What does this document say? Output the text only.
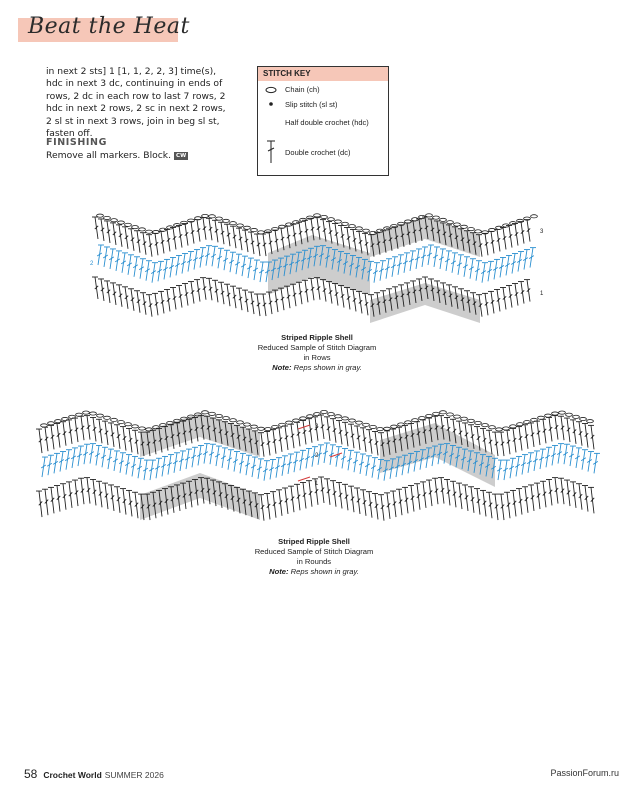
Beat the Heat
in next 2 sts] 1 [1, 1, 2, 2, 3] time(s), hdc in next 3 dc, continuing in ends of rows, 2 dc in each row to last 7 rows, 2 hdc in next 2 rows, 2 sc in next 2 rows, 2 sl st in next 3 rows, join in beg sl st, fasten off.
FINISHING
Remove all markers. Block. CW
STITCH KEY
Chain (ch)
Slip stitch (sl st)
Half double crochet (hdc)
Double crochet (dc)
3
2
1
Striped Ripple Shell
Reduced Sample of Stitch Diagram
in Rows
Note: Reps shown in gray.
3
2
1
Striped Ripple Shell
Reduced Sample of Stitch Diagram
in Rounds
Note: Reps shown in gray.
58 Crochet World SUMMER 2026	PassionForum.ru
